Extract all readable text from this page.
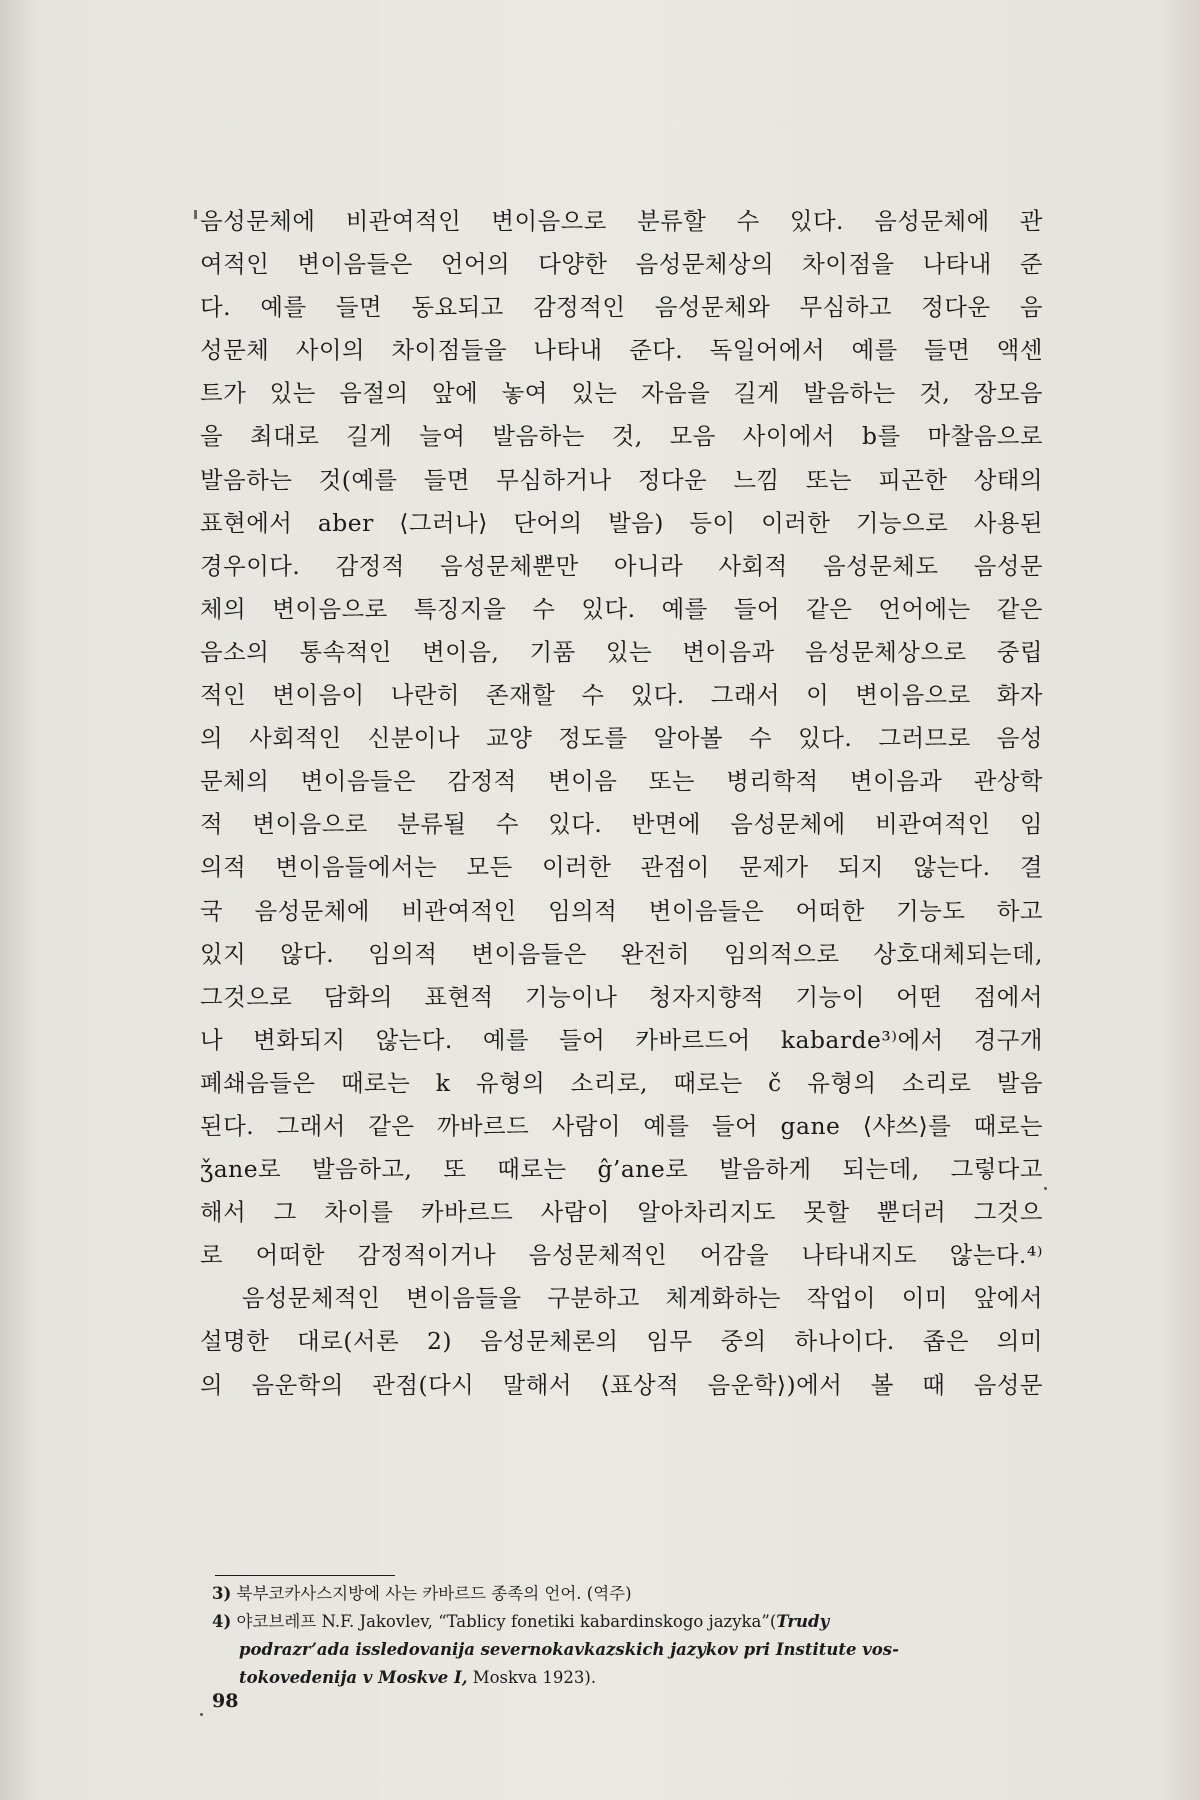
음성문체에 비관여적인 변이음으로 분류할 수 있다. 음성문체에 관
여적인 변이음들은 언어의 다양한 음성문체상의 차이점을 나타내 준
다. 예를 들면 동요되고 감정적인 음성문체와 무심하고 정다운 음
성문체 사이의 차이점들을 나타내 준다. 독일어에서 예를 들면 액센
트가 있는 음절의 앞에 놓여 있는 자음을 길게 발음하는 것, 장모음
을 최대로 길게 늘여 발음하는 것, 모음 사이에서 b를 마찰음으로
발음하는 것(예를 들면 무심하거나 정다운 느낌 또는 피곤한 상태의
표현에서 aber ⟨그러나⟩ 단어의 발음) 등이 이러한 기능으로 사용된
경우이다. 감정적 음성문체뿐만 아니라 사회적 음성문체도 음성문
체의 변이음으로 특징지을 수 있다. 예를 들어 같은 언어에는 같은
음소의 통속적인 변이음, 기품 있는 변이음과 음성문체상으로 중립
적인 변이음이 나란히 존재할 수 있다. 그래서 이 변이음으로 화자
의 사회적인 신분이나 교양 정도를 알아볼 수 있다. 그러므로 음성
문체의 변이음들은 감정적 변이음 또는 병리학적 변이음과 관상학
적 변이음으로 분류될 수 있다. 반면에 음성문체에 비관여적인 임
의적 변이음들에서는 모든 이러한 관점이 문제가 되지 않는다. 결
국 음성문체에 비관여적인 임의적 변이음들은 어떠한 기능도 하고
있지 않다. 임의적 변이음들은 완전히 임의적으로 상호대체되는데,
그것으로 담화의 표현적 기능이나 청자지향적 기능이 어떤 점에서
나 변화되지 않는다. 예를 들어 카바르드어 kabarde³⁾에서 경구개
폐쇄음들은 때로는 k 유형의 소리로, 때로는 č 유형의 소리로 발음
된다. 그래서 같은 까바르드 사람이 예를 들어 gane ⟨샤쓰⟩를 때로는
ǯane로 발음하고, 또 때로는 ĝ’ane로 발음하게 되는데, 그렇다고
해서 그 차이를 카바르드 사람이 알아차리지도 못할 뿐더러 그것으
로 어떠한 감정적이거나 음성문체적인 어감을 나타내지도 않는다.⁴⁾
　음성문체적인 변이음들을 구분하고 체계화하는 작업이 이미 앞에서
설명한 대로(서론 2) 음성문체론의 임무 중의 하나이다. 좁은 의미
의 음운학의 관점(다시 말해서 ⟨표상적 음운학⟩)에서 볼 때 음성문
3) 북부코카사스지방에 사는 카바르드 종족의 언어. (역주)
4) 야코브레프 N.F. Jakovlev, “Tablicy fonetiki kabardinskogo jazyka”(Trudy
podrazr’ada issledovanija severnokavkazskich jazykov pri Institute vos-
tokovedenija v Moskve I, Moskva 1923).
98
